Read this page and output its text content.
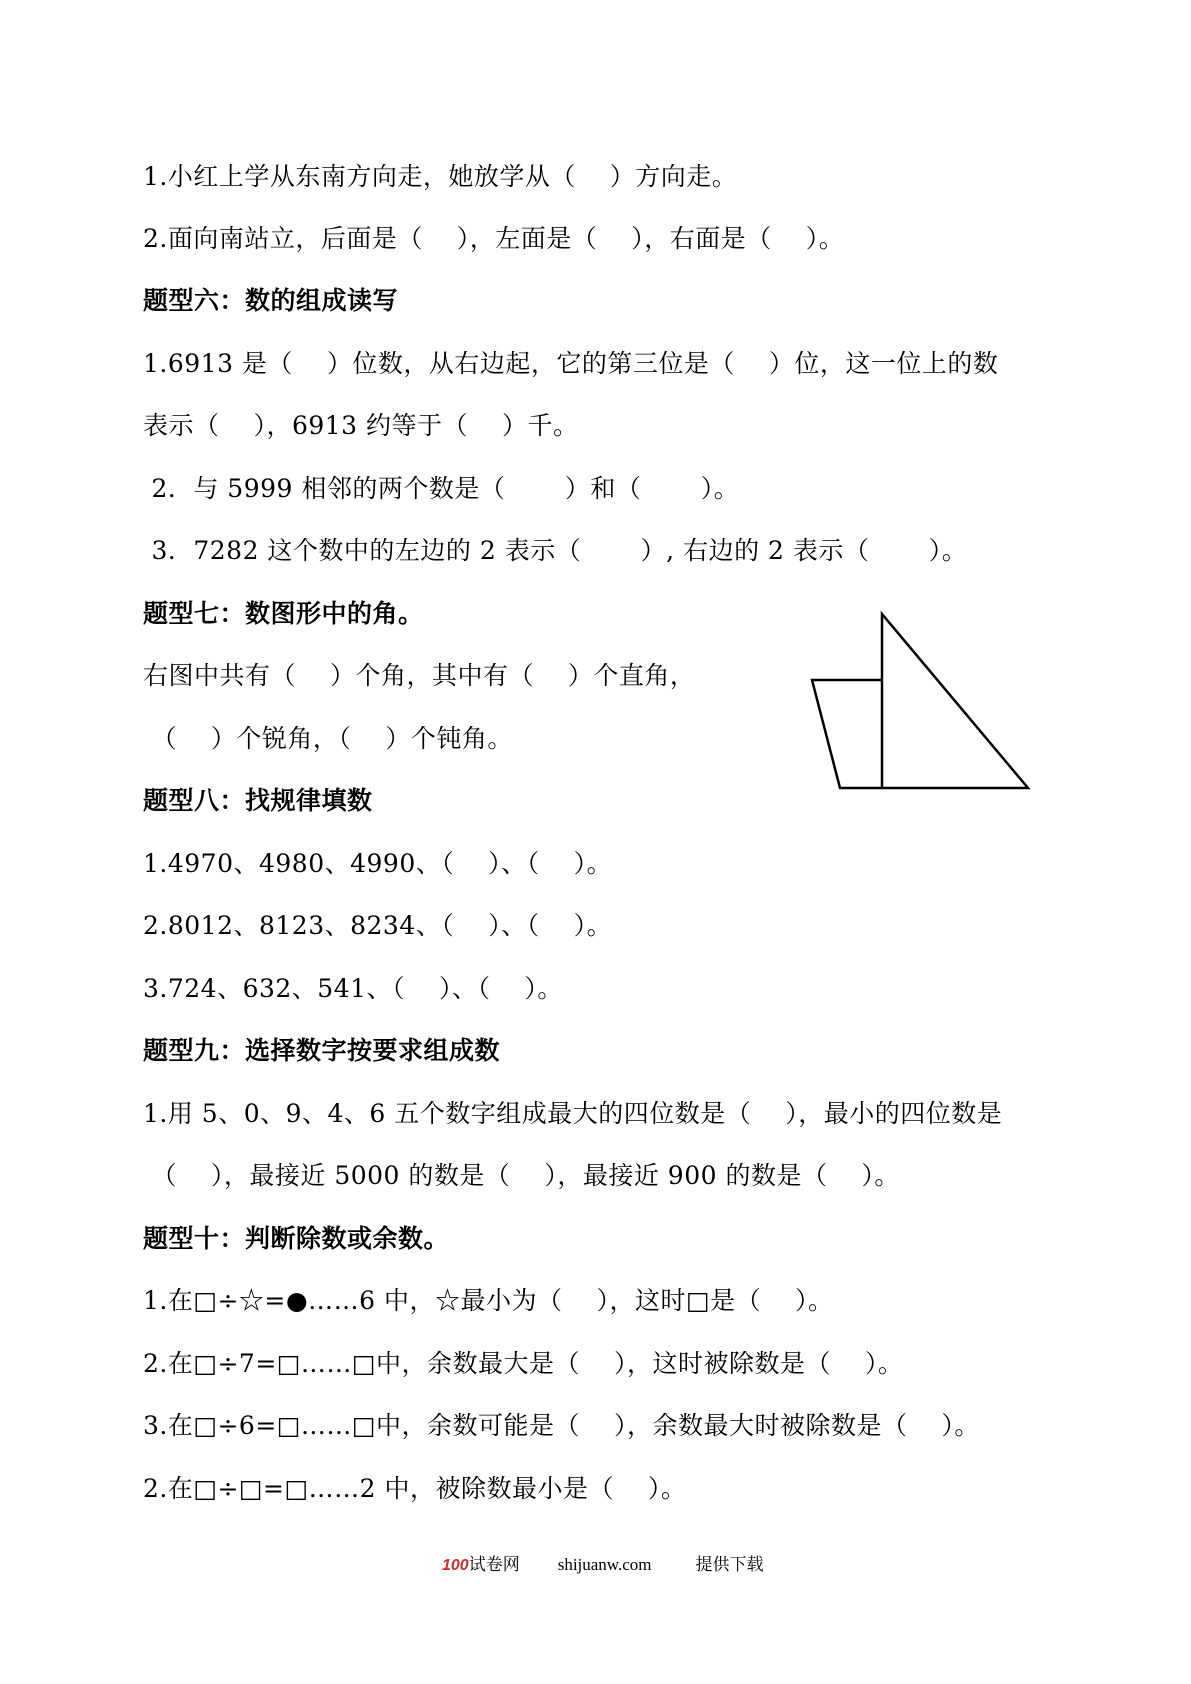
1.小红上学从东南方向走，她放学从（　 ）方向走。
2.面向南站立，后面是（　 ），左面是（　 ），右面是（　 ）。
题型六：数的组成读写
1.6913 是（　 ）位数，从右边起，它的第三位是（　 ）位，这一位上的数
表示（　 ），6913 约等于（　 ）千。
2．与 5999 相邻的两个数是（　　 ）和（　　 ）。
3．7282 这个数中的左边的 2 表示（　　 ）, 右边的 2 表示（　　 ）。
题型七：数图形中的角。
右图中共有（　 ）个角，其中有（　 ）个直角，
（　 ）个锐角，（　 ）个钝角。
题型八：找规律填数
1.4970、4980、4990、（　 ）、（　 ）。
2.8012、8123、8234、（　 ）、（　 ）。
3.724、632、541、（　 ）、（　 ）。
题型九：选择数字按要求组成数
1.用 5、0、9、4、6 五个数字组成最大的四位数是（　 ），最小的四位数是
（　 ），最接近 5000 的数是（　 ），最接近 900 的数是（　 ）。
题型十：判断除数或余数。
1.在□÷☆=●……6 中，☆最小为（　 ），这时□是（　 ）。
2.在□÷7=□……□中，余数最大是（　 ），这时被除数是（　 ）。
3.在□÷6=□……□中，余数可能是（　 ），余数最大时被除数是（　 ）。
2.在□÷□=□……2 中，被除数最小是（　 ）。

100试卷网 shijuanw.com	提供下载
